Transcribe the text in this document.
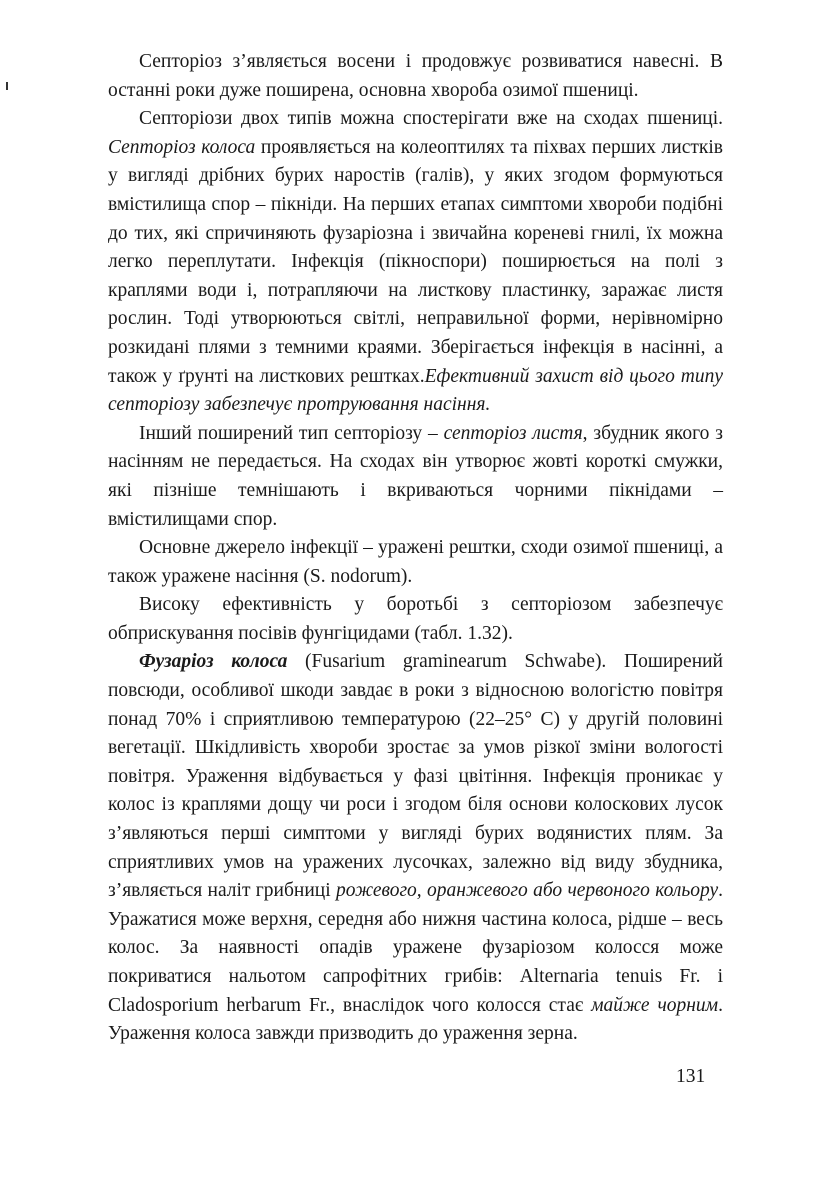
Септоріоз з’являється восени і продовжує розвиватися навесні. В останні роки дуже поширена, основна хвороба озимої пшениці.

Септоріози двох типів можна спостерігати вже на сходах пшениці. Септоріоз колоса проявляється на колеоптилях та піхвах перших листків у вигляді дрібних бурих наростів (галів), у яких згодом формуються вмістилища спор – пікніди. На перших етапах симптоми хвороби подібні до тих, які спричиняють фузаріозна і звичайна кореневі гнилі, їх можна легко переплутати. Інфекція (пікноспори) поширюється на полі з краплями води і, потрапляючи на листкову пластинку, заражає листя рослин. Тоді утворюються світлі, неправильної форми, нерівномірно розкидані плями з темними краями. Зберігається інфекція в насінні, а також у ґрунті на листкових рештках.Ефективний захист від цього типу септоріозу забезпечує протруювання насіння.

Інший поширений тип септоріозу – септоріоз листя, збудник якого з насінням не передається. На сходах він утворює жовті короткі смужки, які пізніше темнішають і вкриваються чорними пікнідами – вмістилищами спор.

Основне джерело інфекції – уражені рештки, сходи озимої пшениці, а також уражене насіння (S. nodorum).

Високу ефективність у боротьбі з септоріозом забезпечує обприскування посівів фунгіцидами (табл. 1.32).

Фузаріоз колоса (Fusarium graminearum Schwabe). Поширений повсюди, особливої шкоди завдає в роки з відносною вологістю повітря понад 70% і сприятливою температурою (22–25° С) у другій половині вегетації. Шкідливість хвороби зростає за умов різкої зміни вологості повітря. Ураження відбувається у фазі цвітіння. Інфекція проникає у колос із краплями дощу чи роси і згодом біля основи колоскових лусок з’являються перші симптоми у вигляді бурих водянистих плям. За сприятливих умов на уражених лусочках, залежно від виду збудника, з’являється наліт грибниці рожевого, оранжевого або червоного кольору. Уражатися може верхня, середня або нижня частина колоса, рідше – весь колос. За наявності опадів уражене фузаріозом колосся може покриватися нальотом сапрофітних грибів: Alternaria tenuis Fr. і Cladosporium herbarum Fr., внаслідок чого колосся стає майже чорним. Ураження колоса завжди призводить до ураження зерна.

131
